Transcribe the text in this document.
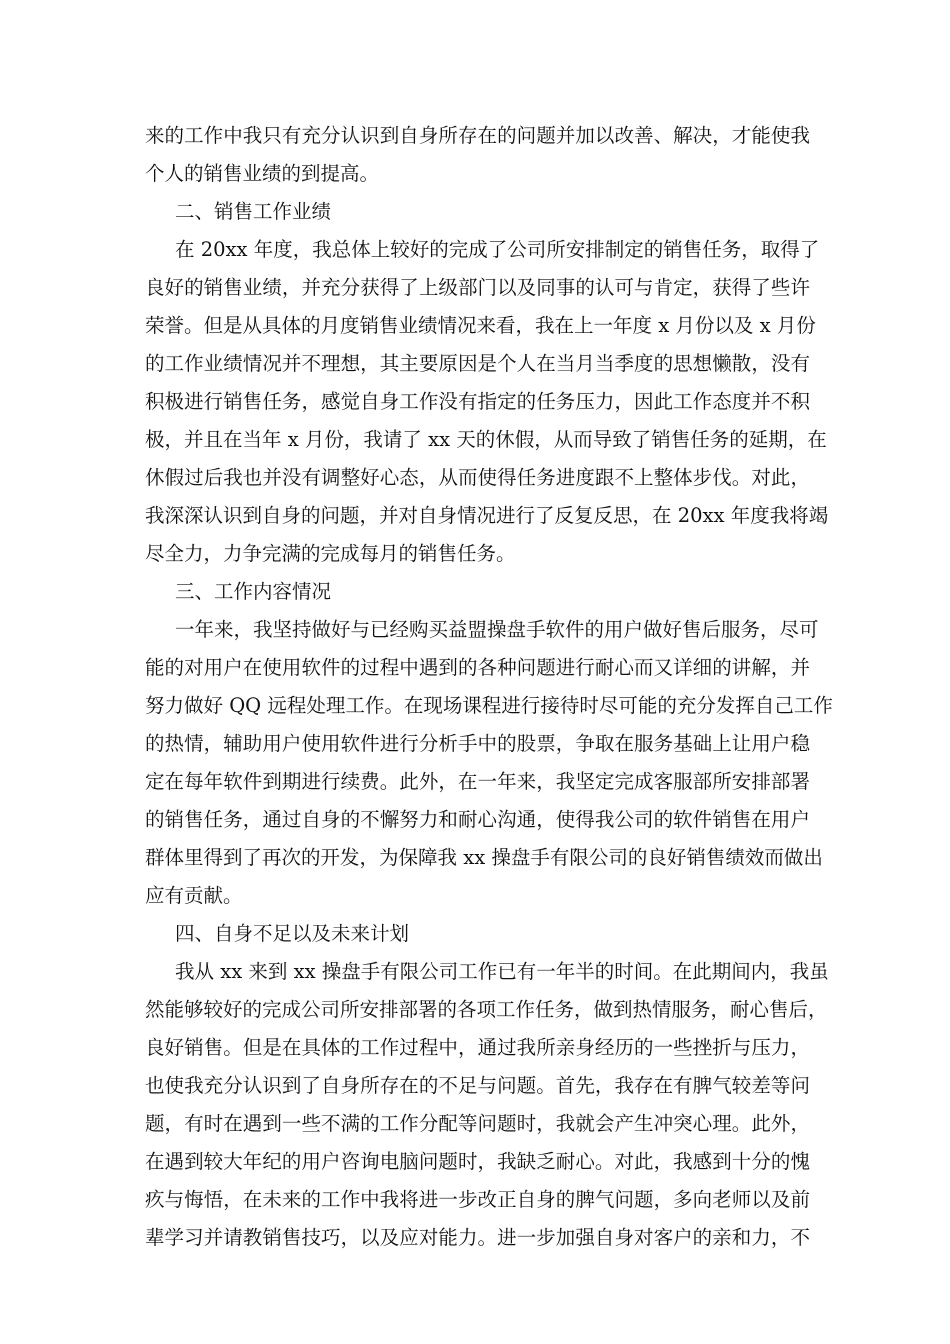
来的工作中我只有充分认识到自身所存在的问题并加以改善、解决，才能使我
个人的销售业绩的到提高。
二、销售工作业绩
在 20xx 年度，我总体上较好的完成了公司所安排制定的销售任务，取得了
良好的销售业绩，并充分获得了上级部门以及同事的认可与肯定，获得了些许
荣誉。但是从具体的月度销售业绩情况来看，我在上一年度 x 月份以及 x 月份
的工作业绩情况并不理想，其主要原因是个人在当月当季度的思想懒散，没有
积极进行销售任务，感觉自身工作没有指定的任务压力，因此工作态度并不积
极，并且在当年 x 月份，我请了 xx 天的休假，从而导致了销售任务的延期，在
休假过后我也并没有调整好心态，从而使得任务进度跟不上整体步伐。对此，
我深深认识到自身的问题，并对自身情况进行了反复反思，在 20xx 年度我将竭
尽全力，力争完满的完成每月的销售任务。
三、工作内容情况
一年来，我坚持做好与已经购买益盟操盘手软件的用户做好售后服务，尽可
能的对用户在使用软件的过程中遇到的各种问题进行耐心而又详细的讲解，并
努力做好 QQ 远程处理工作。在现场课程进行接待时尽可能的充分发挥自己工作
的热情，辅助用户使用软件进行分析手中的股票，争取在服务基础上让用户稳
定在每年软件到期进行续费。此外，在一年来，我坚定完成客服部所安排部署
的销售任务，通过自身的不懈努力和耐心沟通，使得我公司的软件销售在用户
群体里得到了再次的开发，为保障我 xx 操盘手有限公司的良好销售绩效而做出
应有贡献。
四、自身不足以及未来计划
我从 xx 来到 xx 操盘手有限公司工作已有一年半的时间。在此期间内，我虽
然能够较好的完成公司所安排部署的各项工作任务，做到热情服务，耐心售后，
良好销售。但是在具体的工作过程中，通过我所亲身经历的一些挫折与压力，
也使我充分认识到了自身所存在的不足与问题。首先，我存在有脾气较差等问
题，有时在遇到一些不满的工作分配等问题时，我就会产生冲突心理。此外，
在遇到较大年纪的用户咨询电脑问题时，我缺乏耐心。对此，我感到十分的愧
疚与悔悟，在未来的工作中我将进一步改正自身的脾气问题，多向老师以及前
辈学习并请教销售技巧，以及应对能力。进一步加强自身对客户的亲和力，不
